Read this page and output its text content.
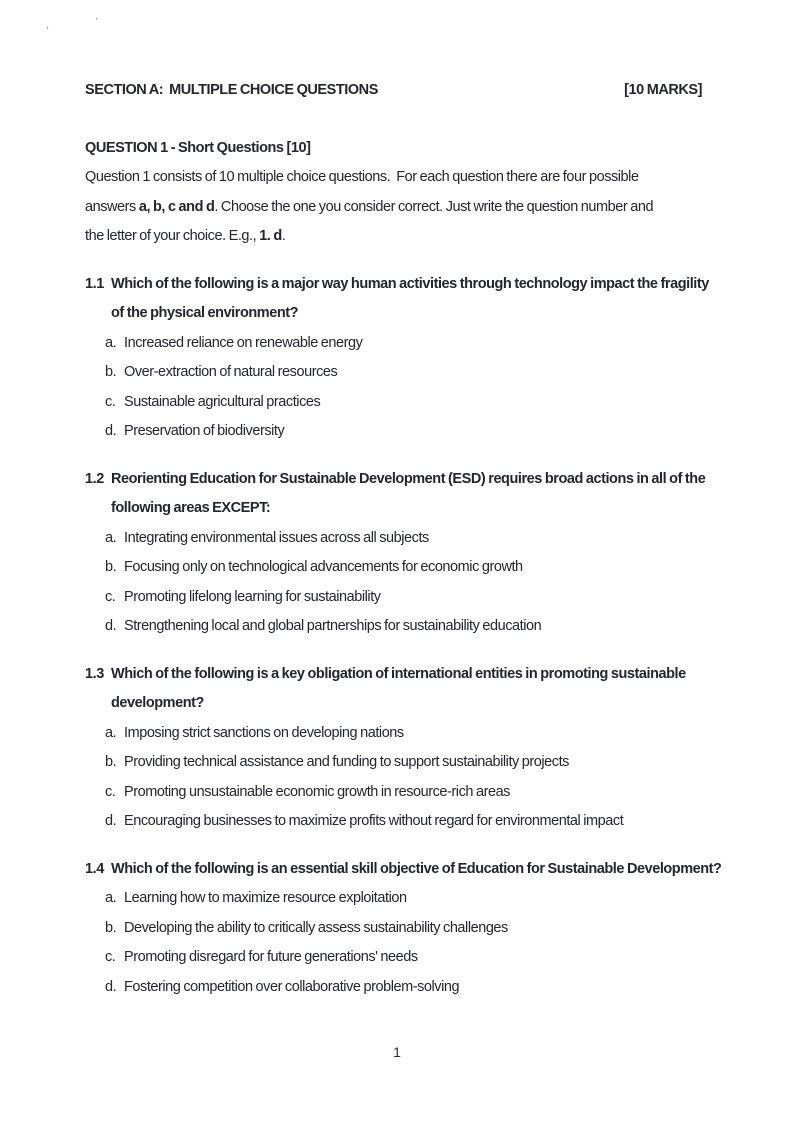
,	'
SECTION A:  MULTIPLE CHOICE QUESTIONS	[10 MARKS]
QUESTION 1 - Short Questions [10]
Question 1 consists of 10 multiple choice questions.  For each question there are four possible
answers a, b, c and d. Choose the one you consider correct. Just write the question number and
the letter of your choice. E.g., 1. d.
1.1 Which of the following is a major way human activities through technology impact the fragility
of the physical environment?
a. Increased reliance on renewable energy
b. Over-extraction of natural resources
c. Sustainable agricultural practices
d. Preservation of biodiversity
1.2 Reorienting Education for Sustainable Development (ESD) requires broad actions in all of the
following areas EXCEPT:
a. Integrating environmental issues across all subjects
b. Focusing only on technological advancements for economic growth
c. Promoting lifelong learning for sustainability
d. Strengthening local and global partnerships for sustainability education
1.3 Which of the following is a key obligation of international entities in promoting sustainable
development?
a. Imposing strict sanctions on developing nations
b. Providing technical assistance and funding to support sustainability projects
c. Promoting unsustainable economic growth in resource-rich areas
d. Encouraging businesses to maximize profits without regard for environmental impact
1.4 Which of the following is an essential skill objective of Education for Sustainable Development?
a. Learning how to maximize resource exploitation
b. Developing the ability to critically assess sustainability challenges
c. Promoting disregard for future generations' needs
d. Fostering competition over collaborative problem-solving
1
